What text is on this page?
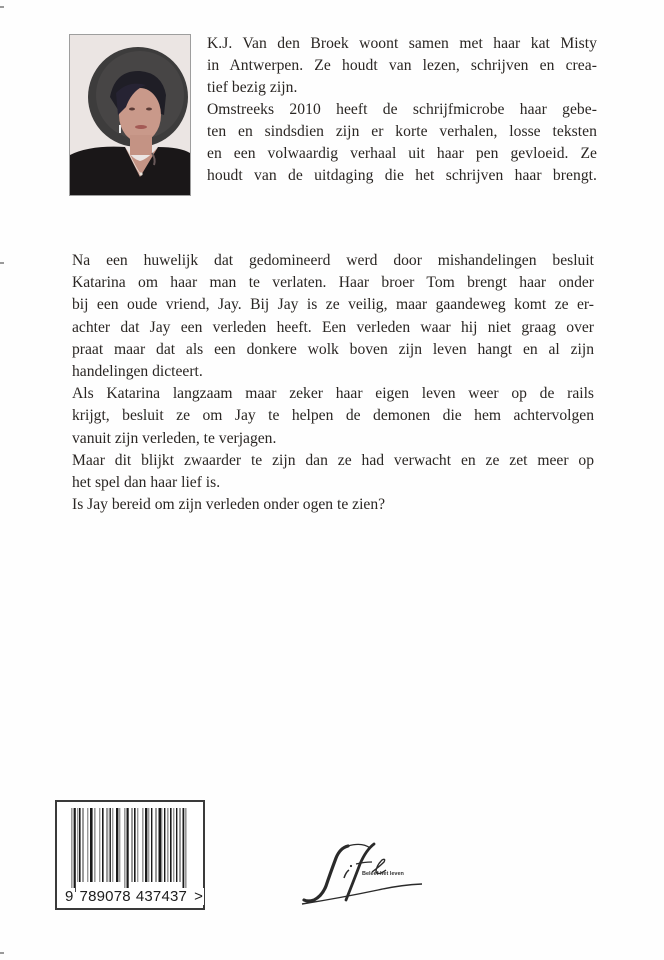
K.J. Van den Broek woont samen met haar kat Misty
in Antwerpen. Ze houdt van lezen, schrijven en crea-
tief bezig zijn.
Omstreeks 2010 heeft de schrijfmicrobe haar gebe-
ten en sindsdien zijn er korte verhalen, losse teksten
en een volwaardig verhaal uit haar pen gevloeid. Ze
houdt van de uitdaging die het schrijven haar brengt.
Na een huwelijk dat gedomineerd werd door mishandelingen besluit
Katarina om haar man te verlaten. Haar broer Tom brengt haar onder
bij een oude vriend, Jay. Bij Jay is ze veilig, maar gaandeweg komt ze er-
achter dat Jay een verleden heeft. Een verleden waar hij niet graag over
praat maar dat als een donkere wolk boven zijn leven hangt en al zijn
handelingen dicteert.
Als Katarina langzaam maar zeker haar eigen leven weer op de rails
krijgt, besluit ze om Jay te helpen de demonen die hem achtervolgen
vanuit zijn verleden, te verjagen.
Maar dit blijkt zwaarder te zijn dan ze had verwacht en ze zet meer op
het spel dan haar lief is.
Is Jay bereid om zijn verleden onder ogen te zien?
9 789078 437437 >
Beleef het leven
